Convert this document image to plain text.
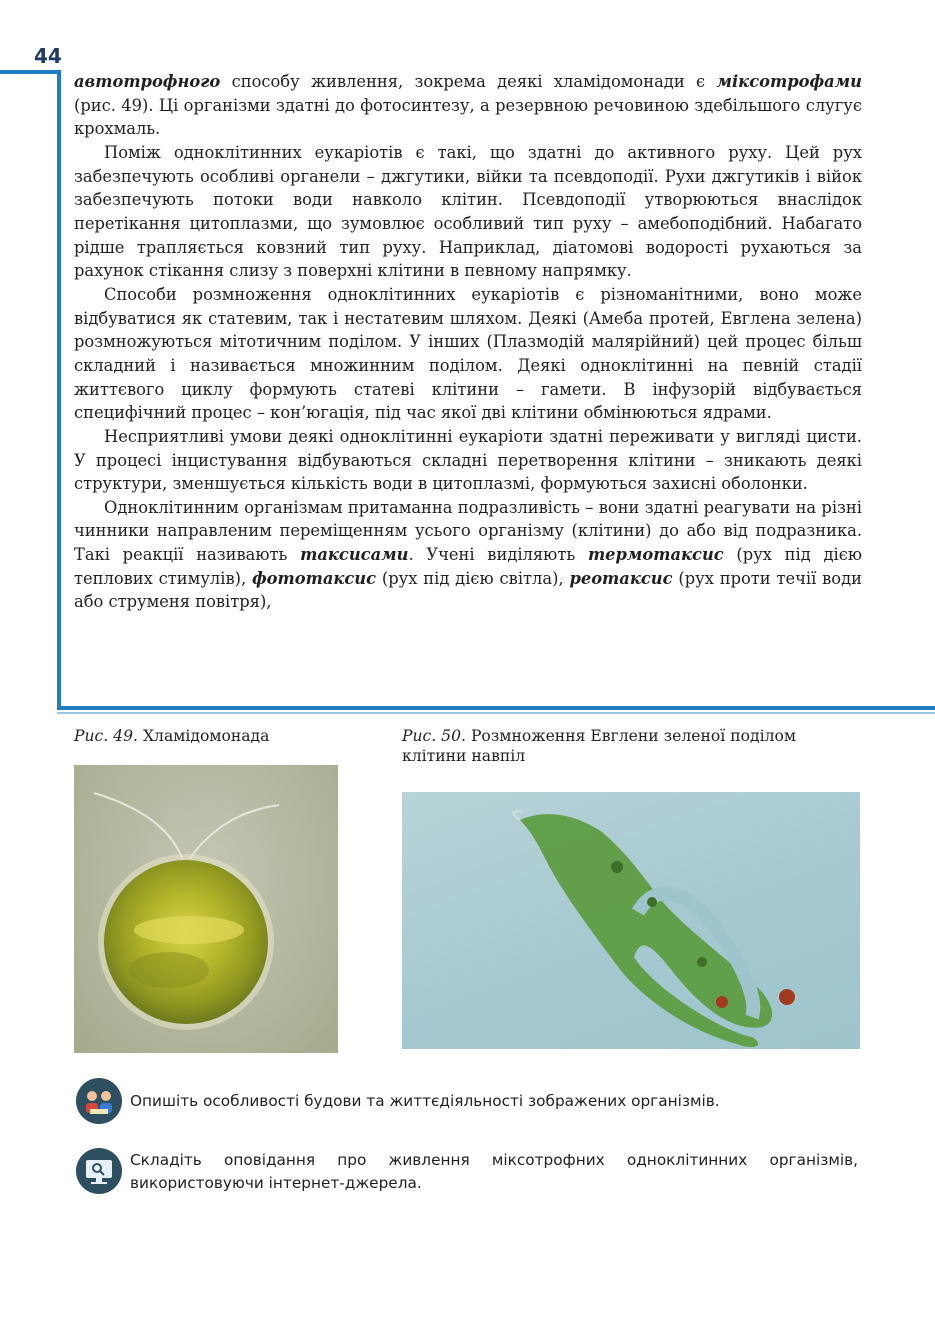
44

автотрофного способу живлення, зокрема деякі хламідомонади є міксотрофами (рис. 49). Ці організми здатні до фотосинтезу, а резервною речовиною здебільшого слугує крохмаль.

Поміж одноклітинних еукаріотів є такі, що здатні до активного руху. Цей рух забезпечують особливі органели – джгутики, війки та псевдоподії. Рухи джгутиків і війок забезпечують потоки води навколо клітин. Псевдоподії утворюються внаслідок перетікання цитоплазми, що зумовлює особливий тип руху – амебоподібний. Набагато рідше трапляється ковзний тип руху. Наприклад, діатомові водорості рухаються за рахунок стікання слизу з поверхні клітини в певному напрямку.

Способи розмноження одноклітинних еукаріотів є різноманітними, воно може відбуватися як статевим, так і нестатевим шляхом. Деякі (Амеба протей, Евглена зелена) розмножуються мітотичним поділом. У інших (Плазмодій малярійний) цей процес більш складний і називається множинним поділом. Деякі одноклітинні на певній стадії життєвого циклу формують статеві клітини – гамети. В інфузорій відбувається специфічний процес – кон’югація, під час якої дві клітини обмінюються ядрами.

Несприятливі умови деякі одноклітинні еукаріоти здатні переживати у вигляді цисти. У процесі інцистування відбуваються складні перетворення клітини – зникають деякі структури, зменшується кількість води в цитоплазмі, формуються захисні оболонки.

Одноклітинним організмам притаманна подразливість – вони здатні реагувати на різні чинники направленим переміщенням усього організму (клітини) до або від подразника. Такі реакції називають таксисами. Учені виділяють термотаксис (рух під дією теплових стимулів), фототаксис (рух під дією світла), реотаксис (рух проти течії води або струменя повітря),

Рис. 49. Хламідомонада	Рис. 50. Розмноження Евглени зеленої поділом клітини навпіл
Опишіть особливості будови та життєдіяльності зображених організмів.
Складіть оповідання про живлення міксотрофних одноклітинних організмів, використовуючи інтернет-джерела.
